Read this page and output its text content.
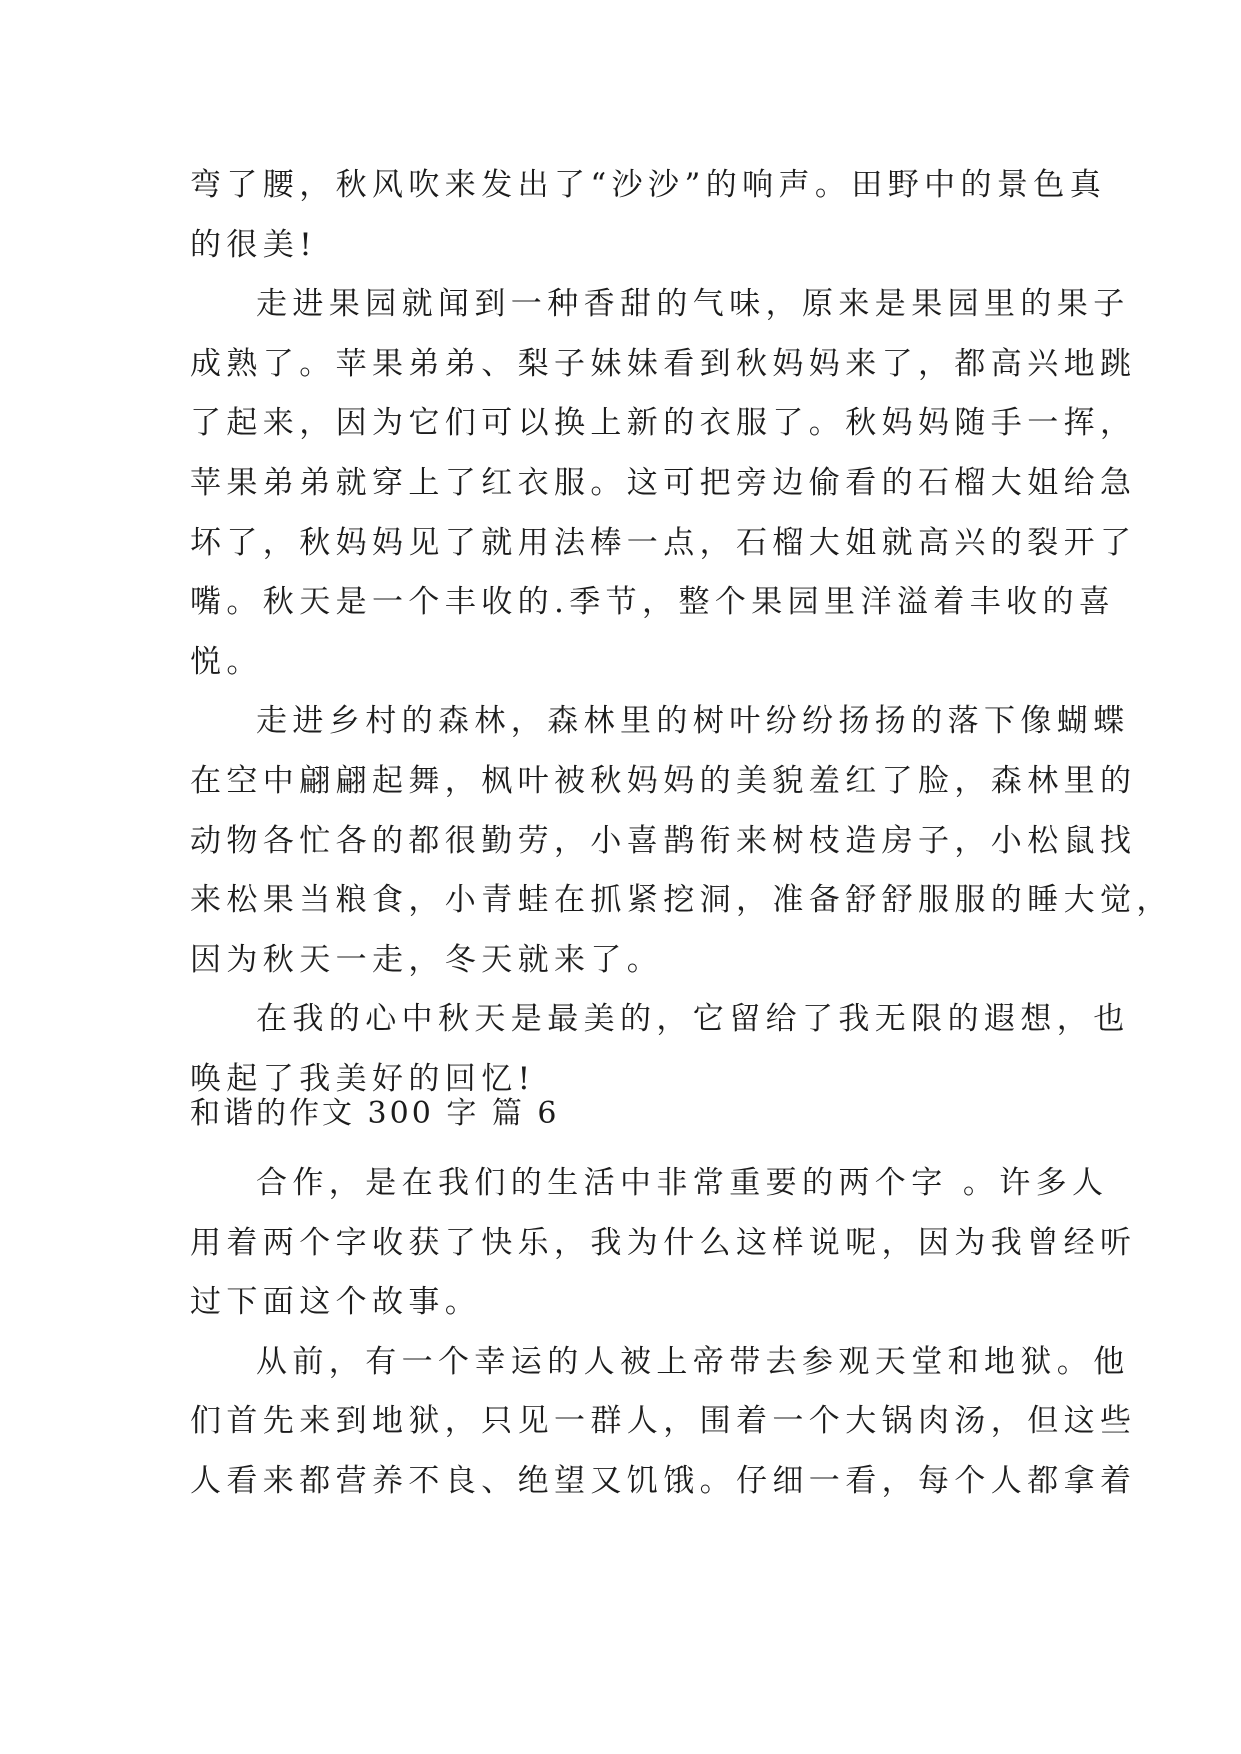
弯了腰，秋风吹来发出了“沙沙”的响声。田野中的景色真

的很美!

走进果园就闻到一种香甜的气味，原来是果园里的果子

成熟了。苹果弟弟、梨子妹妹看到秋妈妈来了，都高兴地跳

了起来，因为它们可以换上新的衣服了。秋妈妈随手一挥，

苹果弟弟就穿上了红衣服。这可把旁边偷看的石榴大姐给急

坏了，秋妈妈见了就用法棒一点，石榴大姐就高兴的裂开了

嘴。秋天是一个丰收的.季节，整个果园里洋溢着丰收的喜

悦。

走进乡村的森林，森林里的树叶纷纷扬扬的落下像蝴蝶

在空中翩翩起舞，枫叶被秋妈妈的美貌羞红了脸，森林里的

动物各忙各的都很勤劳，小喜鹊衔来树枝造房子，小松鼠找

来松果当粮食，小青蛙在抓紧挖洞，准备舒舒服服的睡大觉，

因为秋天一走，冬天就来了。

在我的心中秋天是最美的，它留给了我无限的遐想，也

唤起了我美好的回忆!

和谐的作文 300 字 篇 6

合作，是在我们的生活中非常重要的两个字 。许多人

用着两个字收获了快乐，我为什么这样说呢，因为我曾经听

过下面这个故事。

从前，有一个幸运的人被上帝带去参观天堂和地狱。他

们首先来到地狱，只见一群人，围着一个大锅肉汤，但这些

人看来都营养不良、绝望又饥饿。仔细一看，每个人都拿着
